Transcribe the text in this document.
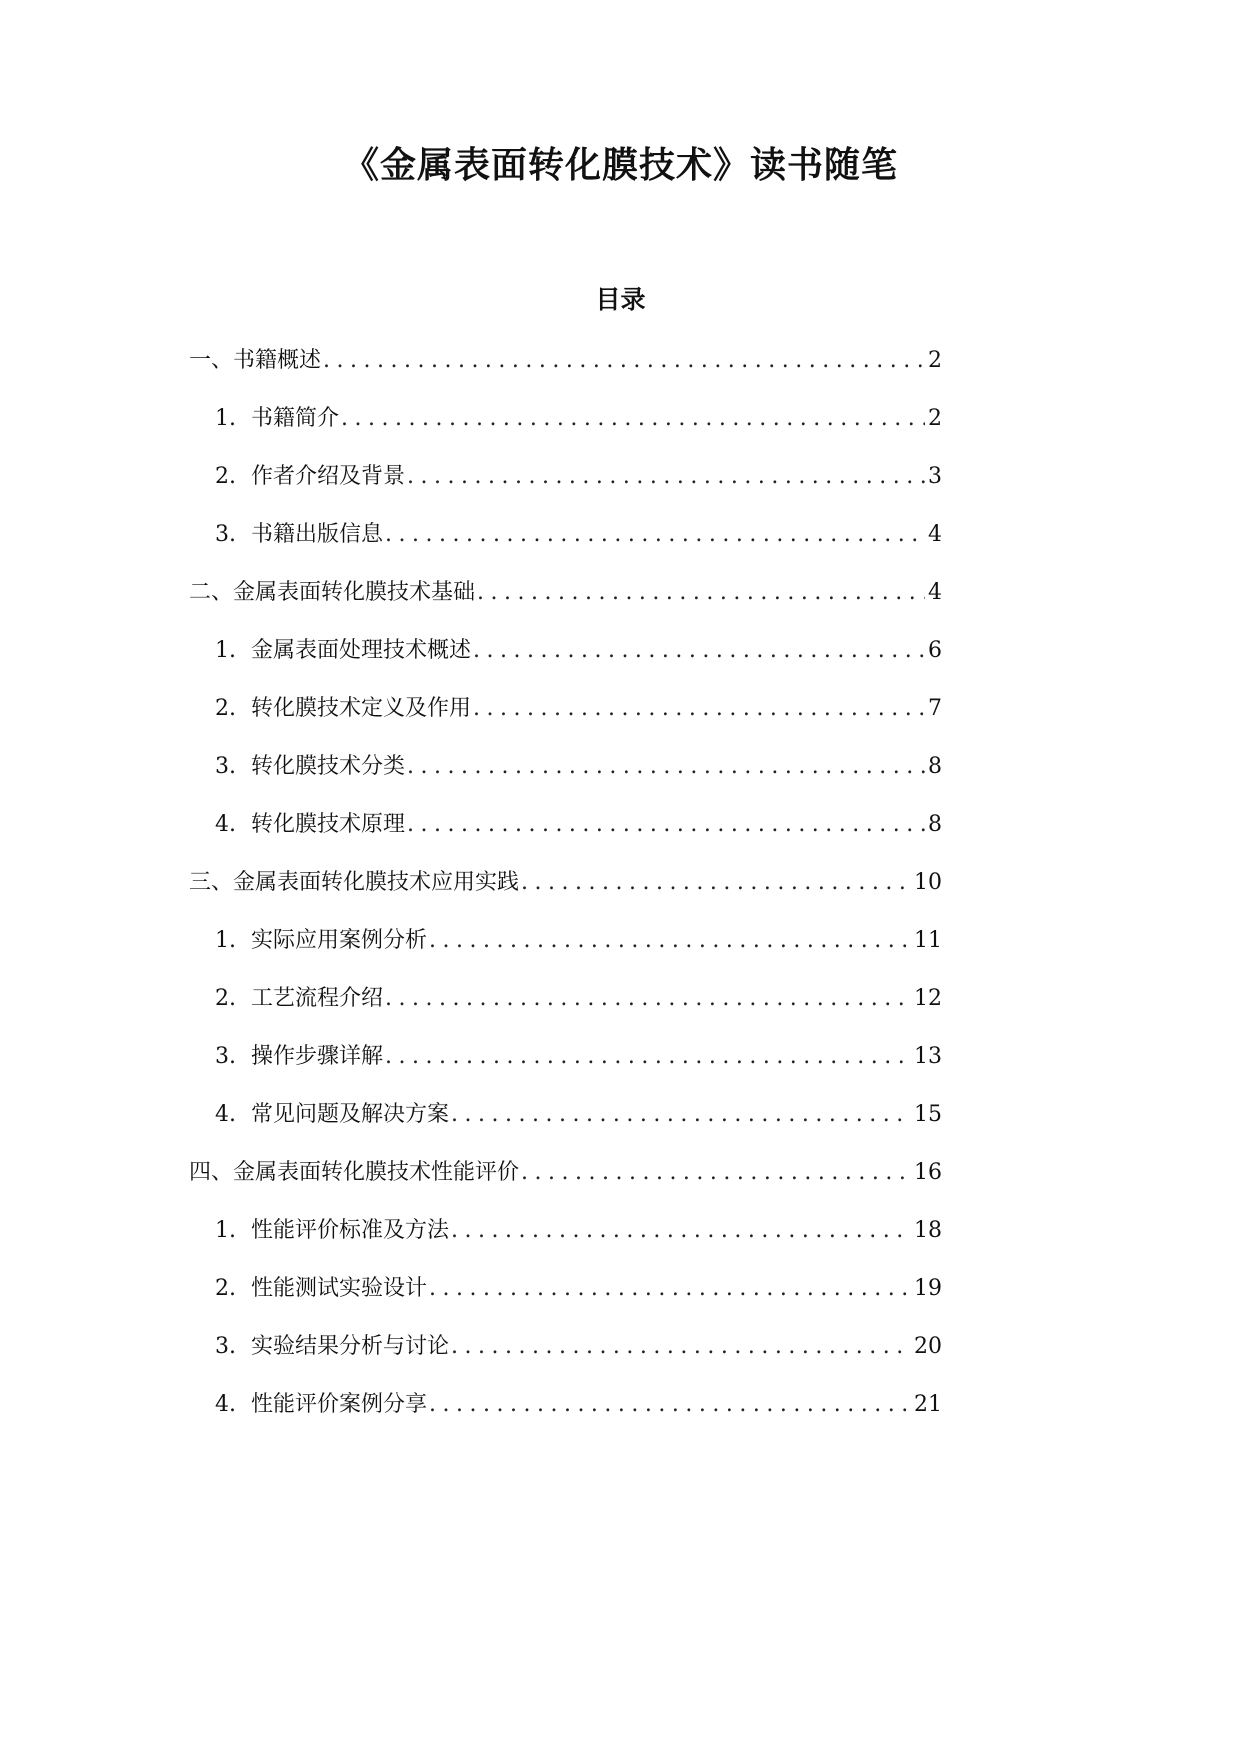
《金属表面转化膜技术》读书随笔
目录
一、书籍概述 .....	2
1. 书籍简介 .....	2
2. 作者介绍及背景 .....	3
3. 书籍出版信息 .....	4
二、金属表面转化膜技术基础 .....	4
1. 金属表面处理技术概述 .....	6
2. 转化膜技术定义及作用 .....	7
3. 转化膜技术分类 .....	8
4. 转化膜技术原理 .....	8
三、金属表面转化膜技术应用实践 .....	10
1. 实际应用案例分析 .....	11
2. 工艺流程介绍 .....	12
3. 操作步骤详解 .....	13
4. 常见问题及解决方案 .....	15
四、金属表面转化膜技术性能评价 .....	16
1. 性能评价标准及方法 .....	18
2. 性能测试实验设计 .....	19
3. 实验结果分析与讨论 .....	20
4. 性能评价案例分享 .....	21
